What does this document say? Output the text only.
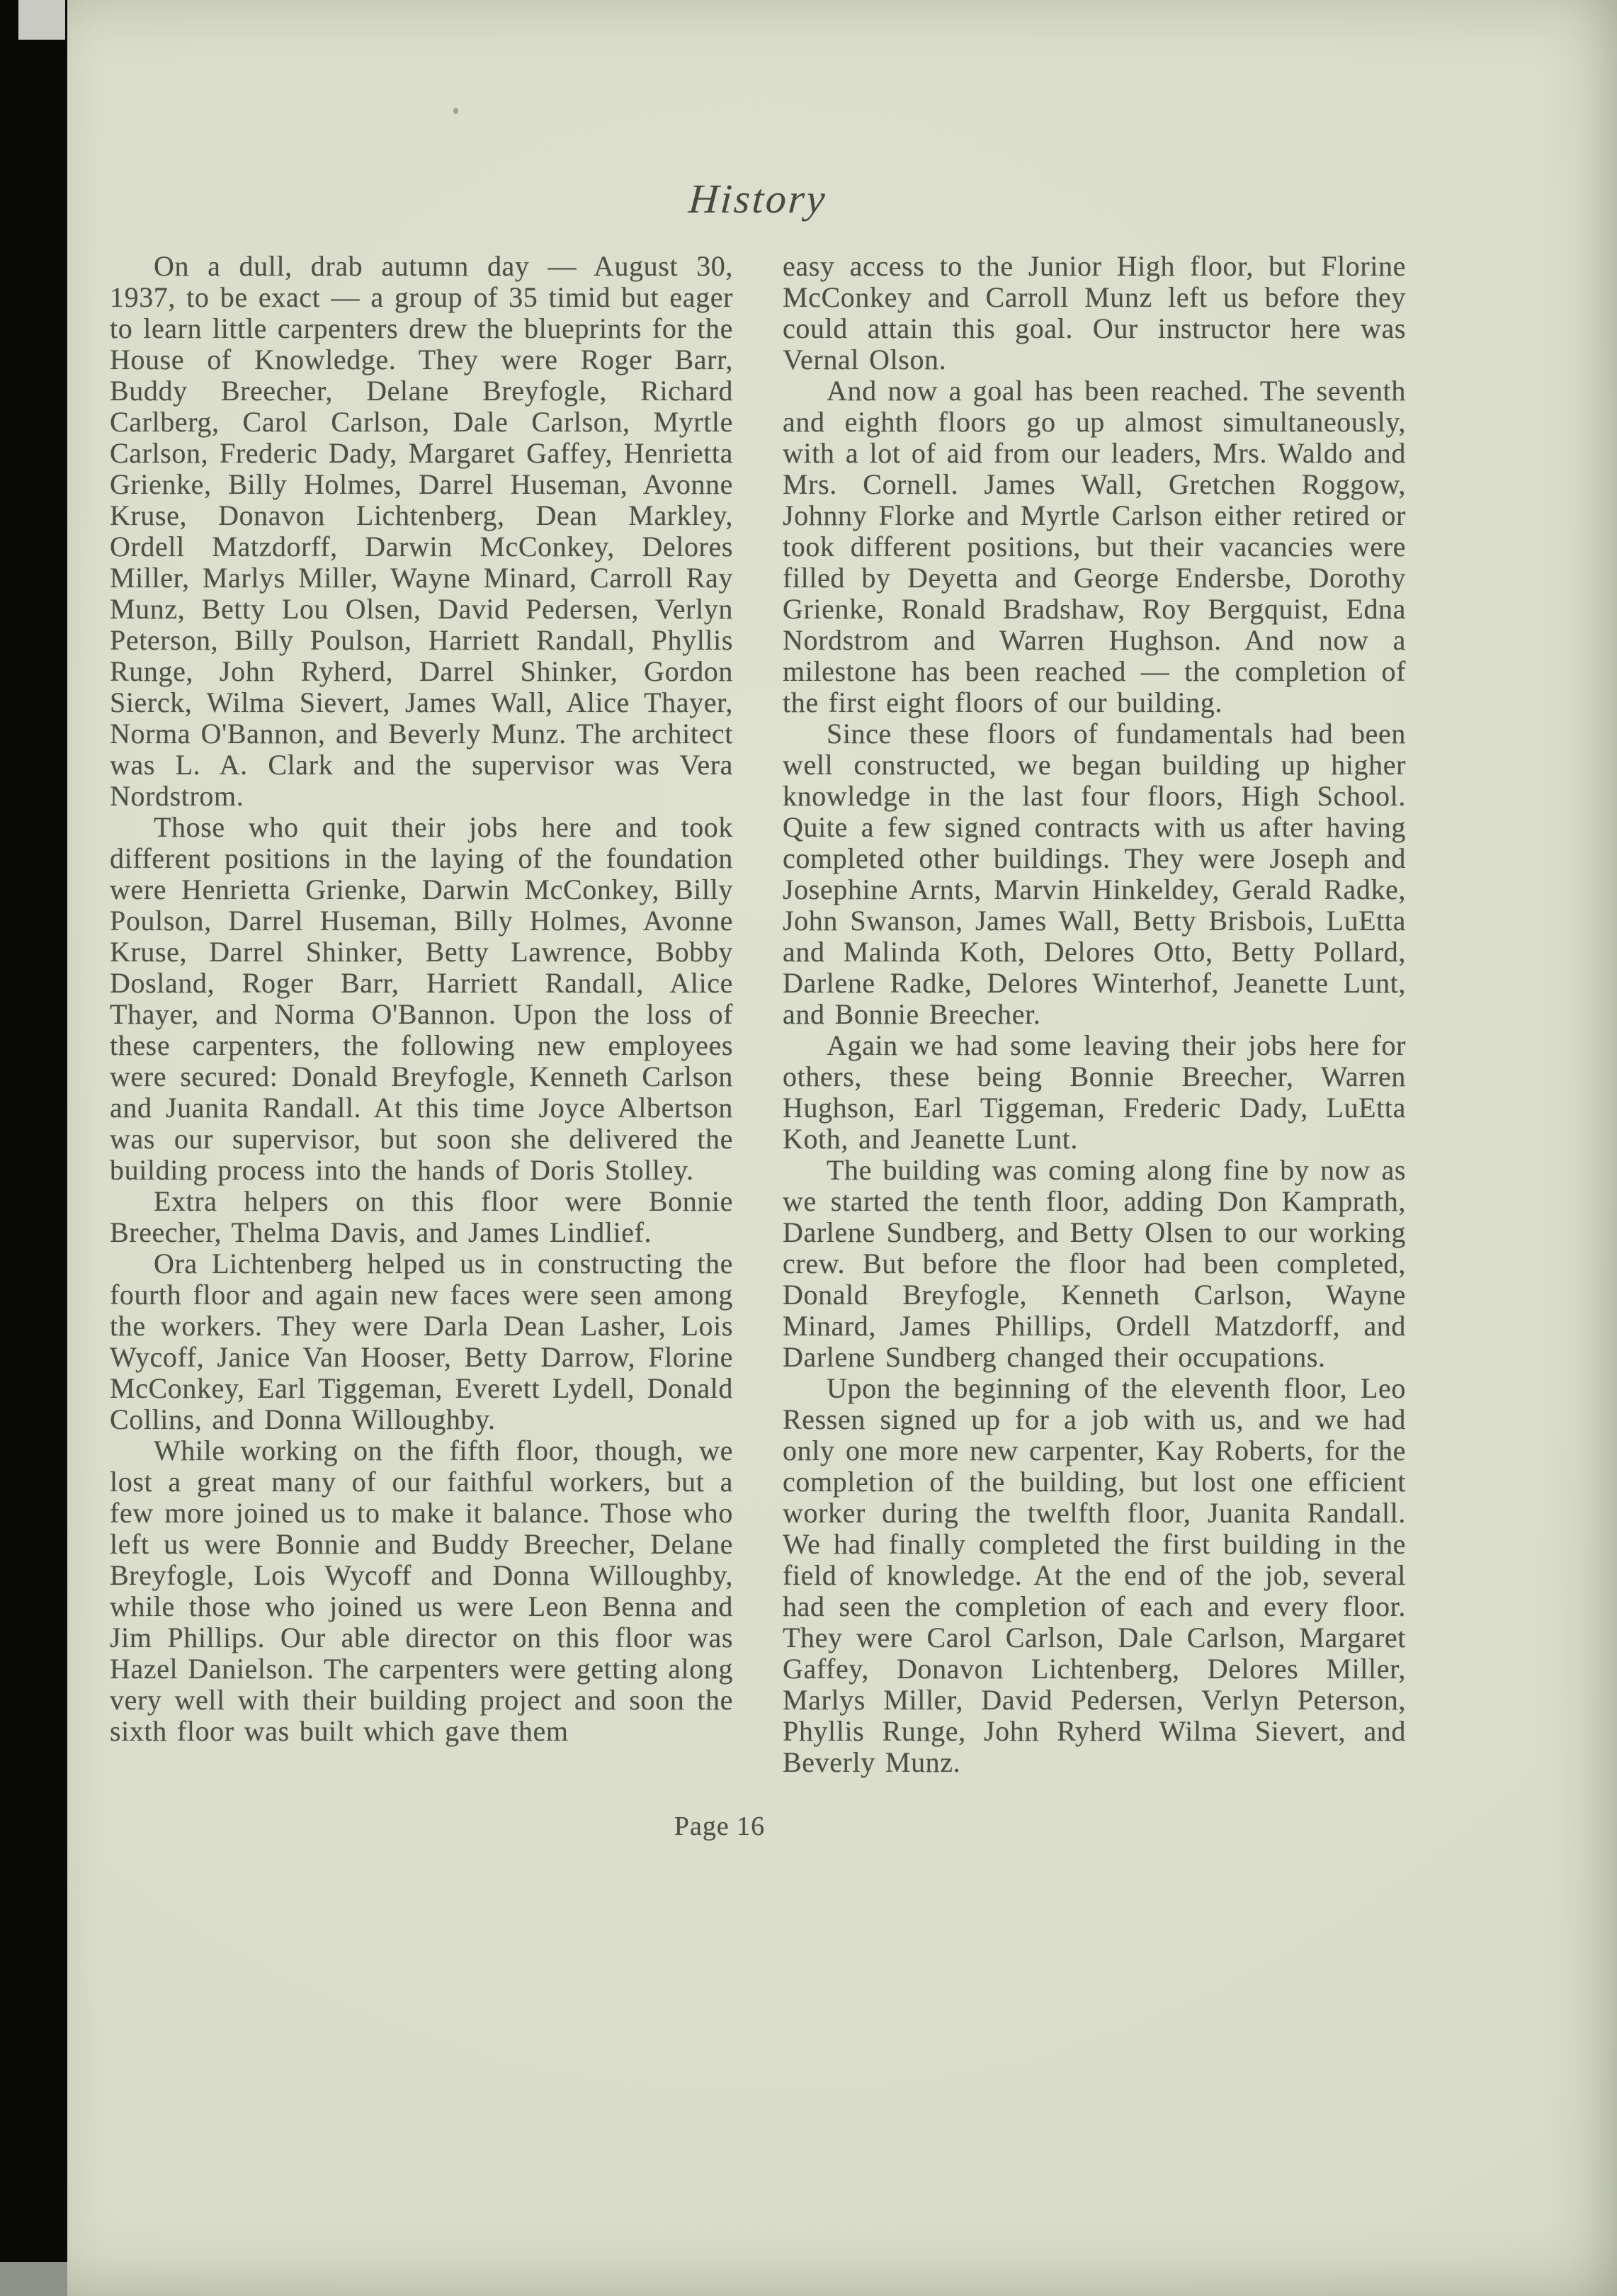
History

On a dull, drab autumn day — August 30, 1937, to be exact — a group of 35 timid but eager to learn little carpenters drew the blueprints for the House of Knowledge. They were Roger Barr, Buddy Breecher, Delane Breyfogle, Richard Carlberg, Carol Carlson, Dale Carlson, Myrtle Carlson, Frederic Dady, Margaret Gaffey, Henrietta Grienke, Billy Holmes, Darrel Huseman, Avonne Kruse, Donavon Lichtenberg, Dean Markley, Ordell Matzdorff, Darwin McConkey, Delores Miller, Marlys Miller, Wayne Minard, Carroll Ray Munz, Betty Lou Olsen, David Pedersen, Verlyn Peterson, Billy Poulson, Harriett Randall, Phyllis Runge, John Ryherd, Darrel Shinker, Gordon Sierck, Wilma Sievert, James Wall, Alice Thayer, Norma O'Bannon, and Beverly Munz. The architect was L. A. Clark and the supervisor was Vera Nordstrom.

Those who quit their jobs here and took different positions in the laying of the foundation were Henrietta Grienke, Darwin McConkey, Billy Poulson, Darrel Huseman, Billy Holmes, Avonne Kruse, Darrel Shinker, Betty Lawrence, Bobby Dosland, Roger Barr, Harriett Randall, Alice Thayer, and Norma O'Bannon. Upon the loss of these carpenters, the following new employees were secured: Donald Breyfogle, Kenneth Carlson and Juanita Randall. At this time Joyce Albertson was our supervisor, but soon she delivered the building process into the hands of Doris Stolley.

Extra helpers on this floor were Bonnie Breecher, Thelma Davis, and James Lindlief.

Ora Lichtenberg helped us in constructing the fourth floor and again new faces were seen among the workers. They were Darla Dean Lasher, Lois Wycoff, Janice Van Hooser, Betty Darrow, Florine McConkey, Earl Tiggeman, Everett Lydell, Donald Collins, and Donna Willoughby.

While working on the fifth floor, though, we lost a great many of our faithful workers, but a few more joined us to make it balance. Those who left us were Bonnie and Buddy Breecher, Delane Breyfogle, Lois Wycoff and Donna Willoughby, while those who joined us were Leon Benna and Jim Phillips. Our able director on this floor was Hazel Danielson. The carpenters were getting along very well with their building project and soon the sixth floor was built which gave them

easy access to the Junior High floor, but Florine McConkey and Carroll Munz left us before they could attain this goal. Our instructor here was Vernal Olson.

And now a goal has been reached. The seventh and eighth floors go up almost simultaneously, with a lot of aid from our leaders, Mrs. Waldo and Mrs. Cornell. James Wall, Gretchen Roggow, Johnny Florke and Myrtle Carlson either retired or took different positions, but their vacancies were filled by Deyetta and George Endersbe, Dorothy Grienke, Ronald Bradshaw, Roy Bergquist, Edna Nordstrom and Warren Hughson. And now a milestone has been reached — the completion of the first eight floors of our building.

Since these floors of fundamentals had been well constructed, we began building up higher knowledge in the last four floors, High School. Quite a few signed contracts with us after having completed other buildings. They were Joseph and Josephine Arnts, Marvin Hinkeldey, Gerald Radke, John Swanson, James Wall, Betty Brisbois, LuEtta and Malinda Koth, Delores Otto, Betty Pollard, Darlene Radke, Delores Winterhof, Jeanette Lunt, and Bonnie Breecher.

Again we had some leaving their jobs here for others, these being Bonnie Breecher, Warren Hughson, Earl Tiggeman, Frederic Dady, LuEtta Koth, and Jeanette Lunt.

The building was coming along fine by now as we started the tenth floor, adding Don Kamprath, Darlene Sundberg, and Betty Olsen to our working crew. But before the floor had been completed, Donald Breyfogle, Kenneth Carlson, Wayne Minard, James Phillips, Ordell Matzdorff, and Darlene Sundberg changed their occupations.

Upon the beginning of the eleventh floor, Leo Ressen signed up for a job with us, and we had only one more new carpenter, Kay Roberts, for the completion of the building, but lost one efficient worker during the twelfth floor, Juanita Randall. We had finally completed the first building in the field of knowledge. At the end of the job, several had seen the completion of each and every floor. They were Carol Carlson, Dale Carlson, Margaret Gaffey, Donavon Lichtenberg, Delores Miller, Marlys Miller, David Pedersen, Verlyn Peterson, Phyllis Runge, John Ryherd Wilma Sievert, and Beverly Munz.

Page 16
